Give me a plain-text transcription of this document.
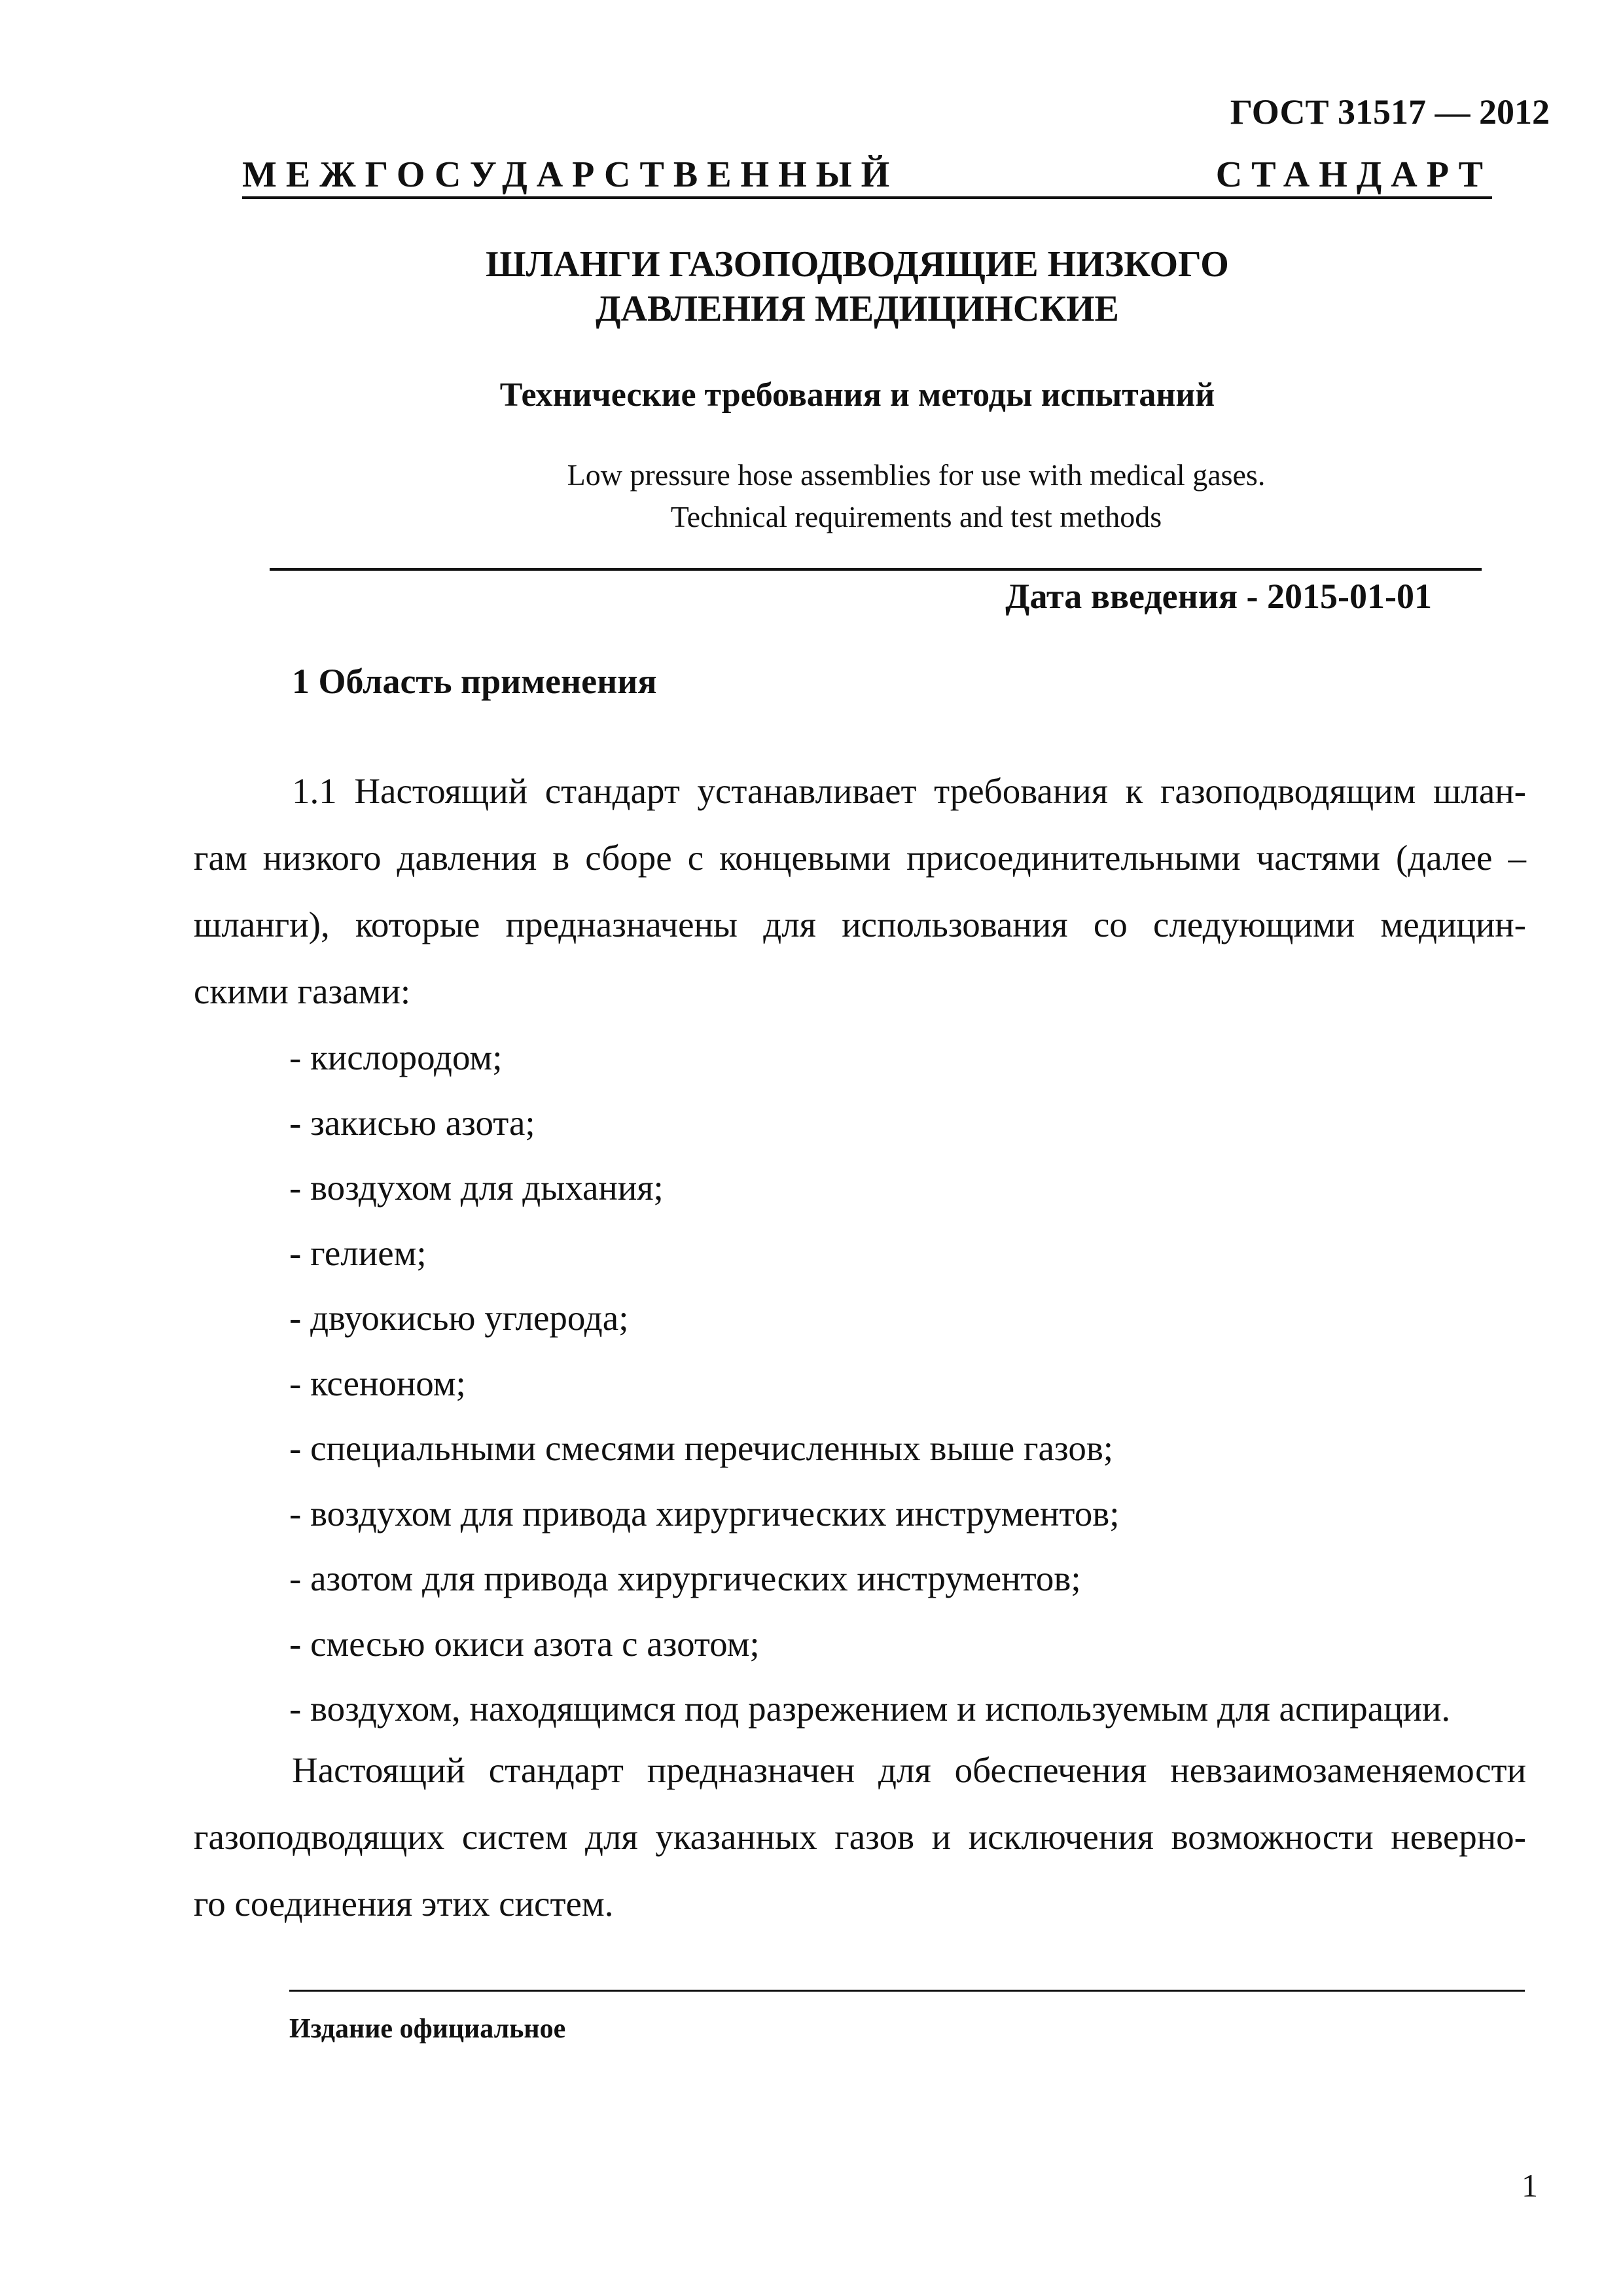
ГОСТ 31517 — 2012
МЕЖГОСУДАРСТВЕННЫЙ СТАНДАРТ
ШЛАНГИ ГАЗОПОДВОДЯЩИЕ НИЗКОГО
ДАВЛЕНИЯ МЕДИЦИНСКИЕ
Технические требования и методы испытаний
Low pressure hose assemblies for use with medical gases.
Technical requirements and test methods
Дата введения - 2015-01-01
1 Область применения
1.1 Настоящий стандарт устанавливает требования к газоподводящим шлан-
гам низкого давления в сборе с концевыми присоединительными частями (далее –
шланги), которые предназначены для использования со следующими медицин-
скими газами:
- кислородом;
- закисью азота;
- воздухом для дыхания;
- гелием;
- двуокисью углерода;
- ксеноном;
- специальными смесями перечисленных выше газов;
- воздухом для привода хирургических инструментов;
- азотом для привода хирургических инструментов;
- смесью окиси азота с азотом;
- воздухом, находящимся под разрежением и используемым для аспирации.
Настоящий стандарт предназначен для обеспечения невзаимозаменяемости
газоподводящих систем для указанных газов и исключения возможности неверно-
го соединения этих систем.
Издание официальное
1
